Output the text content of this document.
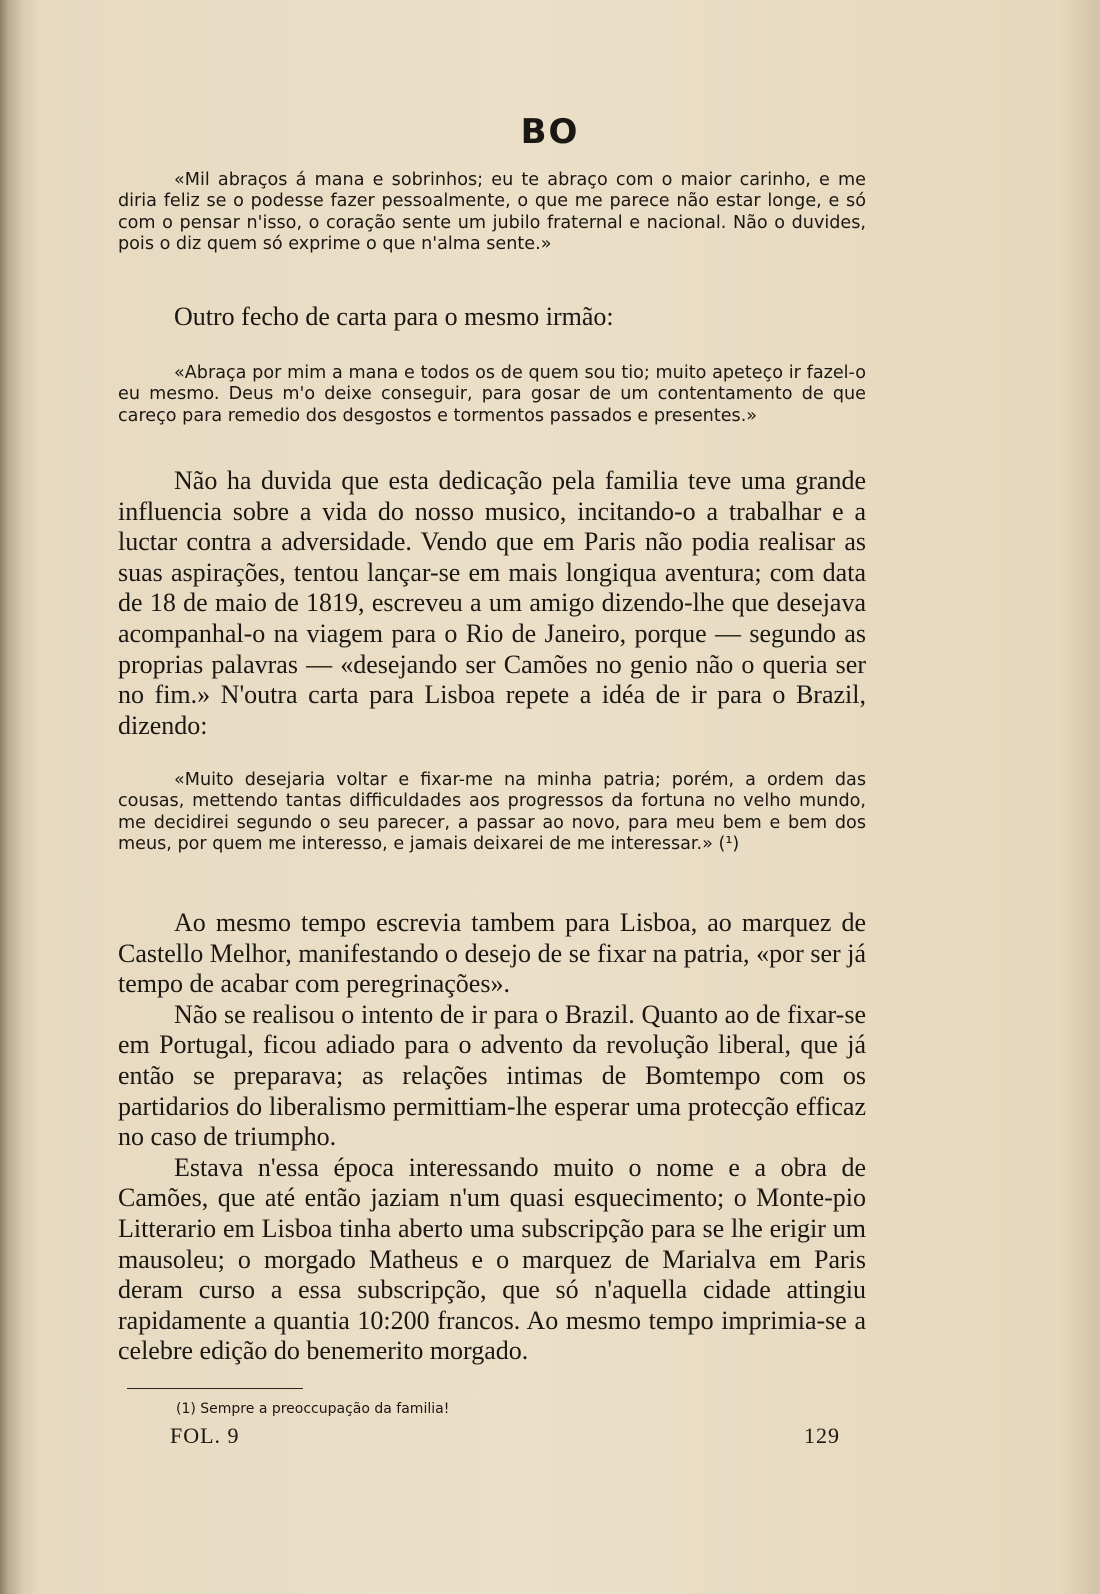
BO

«Mil abraços á mana e sobrinhos; eu te abraço com o maior carinho, e me diria feliz se o podesse fazer pessoalmente, o que me parece não estar longe, e só com o pensar n'isso, o coração sente um jubilo fraternal e nacional. Não o duvides, pois o diz quem só exprime o que n'alma sente.»

Outro fecho de carta para o mesmo irmão:

«Abraça por mim a mana e todos os de quem sou tio; muito apeteço ir fazel-o eu mesmo. Deus m'o deixe conseguir, para gosar de um contentamento de que careço para remedio dos desgostos e tormentos passados e presentes.»

Não ha duvida que esta dedicação pela familia teve uma grande influencia sobre a vida do nosso musico, incitando-o a trabalhar e a luctar contra a adversidade. Vendo que em Paris não podia realisar as suas aspirações, tentou lançar-se em mais longiqua aventura; com data de 18 de maio de 1819, escreveu a um amigo dizendo-lhe que desejava acompanhal-o na viagem para o Rio de Janeiro, porque — segundo as proprias palavras — «desejando ser Camões no genio não o queria ser no fim.» N'outra carta para Lisboa repete a idéa de ir para o Brazil, dizendo:

«Muito desejaria voltar e fixar-me na minha patria; porém, a ordem das cousas, mettendo tantas difficuldades aos progressos da fortuna no velho mundo, me decidirei segundo o seu parecer, a passar ao novo, para meu bem e bem dos meus, por quem me interesso, e jamais deixarei de me interessar.» (¹)

Ao mesmo tempo escrevia tambem para Lisboa, ao marquez de Castello Melhor, manifestando o desejo de se fixar na patria, «por ser já tempo de acabar com peregrinações».

Não se realisou o intento de ir para o Brazil. Quanto ao de fixar-se em Portugal, ficou adiado para o advento da revolução liberal, que já então se preparava; as relações intimas de Bomtempo com os partidarios do liberalismo permittiam-lhe esperar uma protecção efficaz no caso de triumpho.

Estava n'essa época interessando muito o nome e a obra de Camões, que até então jaziam n'um quasi esquecimento; o Monte-pio Litterario em Lisboa tinha aberto uma subscripção para se lhe erigir um mausoleu; o morgado Matheus e o marquez de Marialva em Paris deram curso a essa subscripção, que só n'aquella cidade attingiu rapidamente a quantia 10:200 francos. Ao mesmo tempo imprimia-se a celebre edição do benemerito morgado.

(1) Sempre a preoccupação da familia!
FOL. 9	129
